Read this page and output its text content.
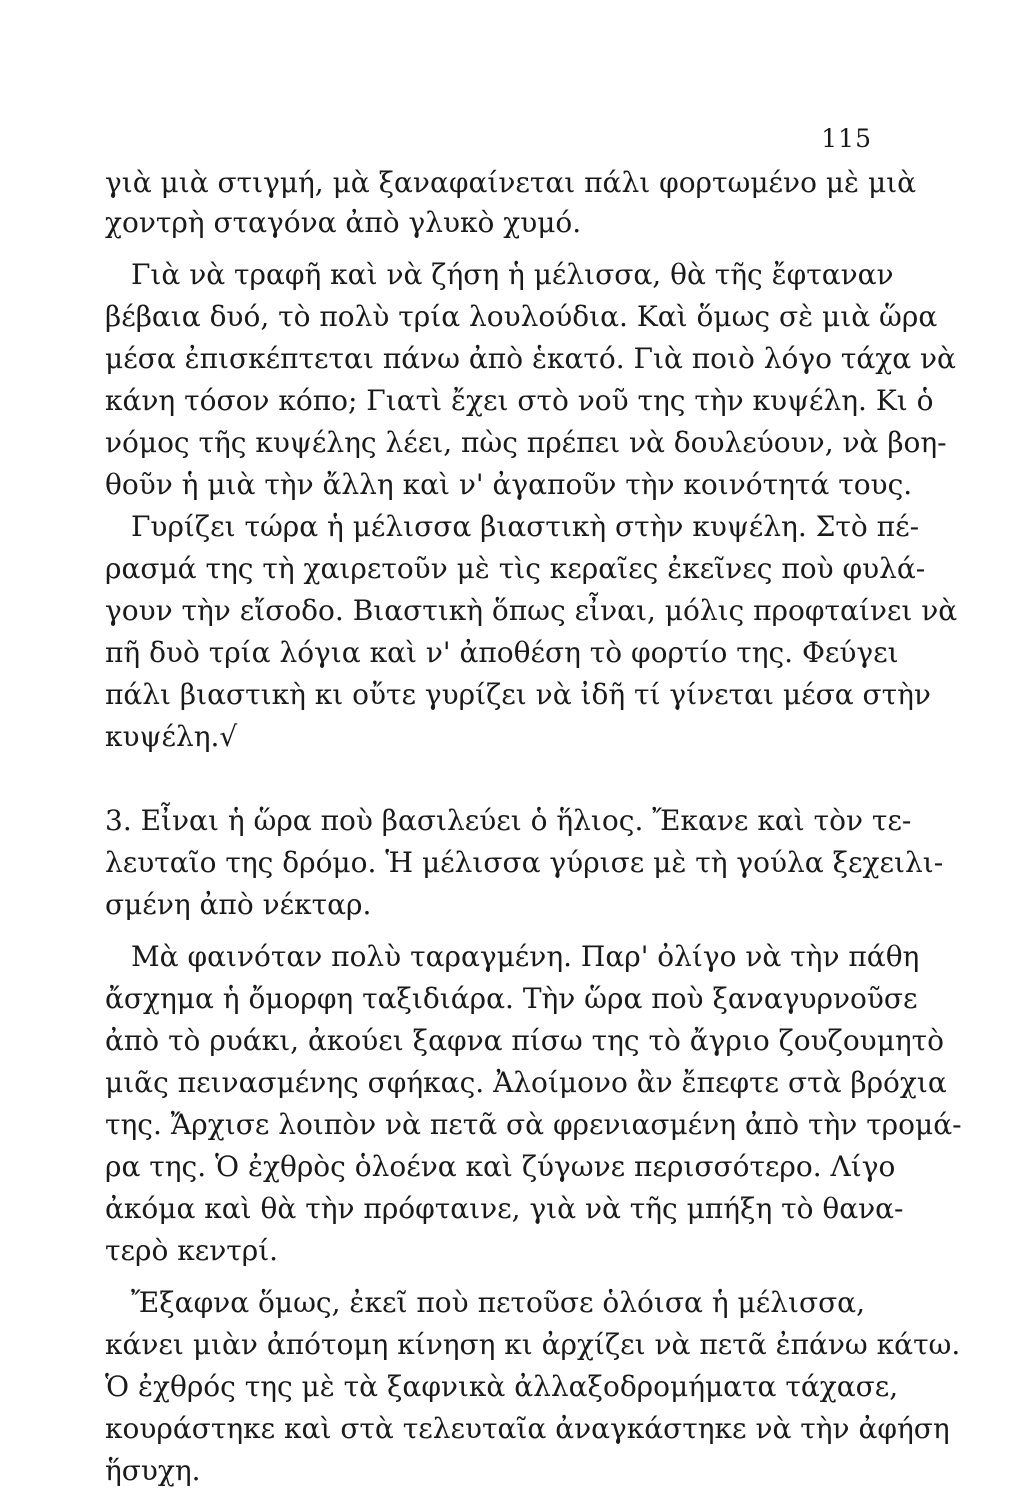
115
γιὰ μιὰ στιγμή, μὰ ξαναφαίνεται πάλι φορτωμένο μὲ μιὰ
χοντρὴ σταγόνα ἀπὸ γλυκὸ χυμό.
Γιὰ νὰ τραφῆ καὶ νὰ ζήση ἡ μέλισσα, θὰ τῆς ἔφταναν
βέβαια δυό, τὸ πολὺ τρία λουλούδια. Καὶ ὅμως σὲ μιὰ ὥρα
μέσα ἐπισκέπτεται πάνω ἀπὸ ἑκατό. Γιὰ ποιὸ λόγο τάχα νὰ
κάνη τόσον κόπο; Γιατὶ ἔχει στὸ νοῦ της τὴν κυψέλη. Κι ὁ
νόμος τῆς κυψέλης λέει, πὼς πρέπει νὰ δουλεύουν, νὰ βοη-
θοῦν ἡ μιὰ τὴν ἄλλη καὶ ν' ἀγαποῦν τὴν κοινότητά τους.
Γυρίζει τώρα ἡ μέλισσα βιαστικὴ στὴν κυψέλη. Στὸ πέ-
ρασμά της τὴ χαιρετοῦν μὲ τὶς κεραῖες ἐκεῖνες ποὺ φυλά-
γουν τὴν εἴσοδο. Βιαστικὴ ὅπως εἶναι, μόλις προφταίνει νὰ
πῆ δυὸ τρία λόγια καὶ ν' ἀποθέση τὸ φορτίο της. Φεύγει
πάλι βιαστικὴ κι οὔτε γυρίζει νὰ ἰδῆ τί γίνεται μέσα στὴν
κυψέλη.√
3. Εἶναι ἡ ὥρα ποὺ βασιλεύει ὁ ἥλιος. Ἔκανε καὶ τὸν τε-
λευταῖο της δρόμο. Ἡ μέλισσα γύρισε μὲ τὴ γούλα ξεχειλι-
σμένη ἀπὸ νέκταρ.
Μὰ φαινόταν πολὺ ταραγμένη. Παρ' ὀλίγο νὰ τὴν πάθη
ἄσχημα ἡ ὄμορφη ταξιδιάρα. Τὴν ὥρα ποὺ ξαναγυρνοῦσε
ἀπὸ τὸ ρυάκι, ἀκούει ξαφνα πίσω της τὸ ἄγριο ζουζουμητὸ
μιᾶς πεινασμένης σφήκας. Ἀλοίμονο ἂν ἔπεφτε στὰ βρόχια
της. Ἄρχισε λοιπὸν νὰ πετᾶ σὰ φρενιασμένη ἀπὸ τὴν τρομά-
ρα της. Ὁ ἐχθρὸς ὁλοένα καὶ ζύγωνε περισσότερο. Λίγο
ἀκόμα καὶ θὰ τὴν πρόφταινε, γιὰ νὰ τῆς μπήξη τὸ θανα-
τερὸ κεντρί.
Ἔξαφνα ὅμως, ἐκεῖ ποὺ πετοῦσε ὁλόισα ἡ μέλισσα,
κάνει μιὰν ἀπότομη κίνηση κι ἀρχίζει νὰ πετᾶ ἐπάνω κάτω.
Ὁ ἐχθρός της μὲ τὰ ξαφνικὰ ἀλλαξοδρομήματα τάχασε,
κουράστηκε καὶ στὰ τελευταῖα ἀναγκάστηκε νὰ τὴν ἀφήση
ἥσυχη.
